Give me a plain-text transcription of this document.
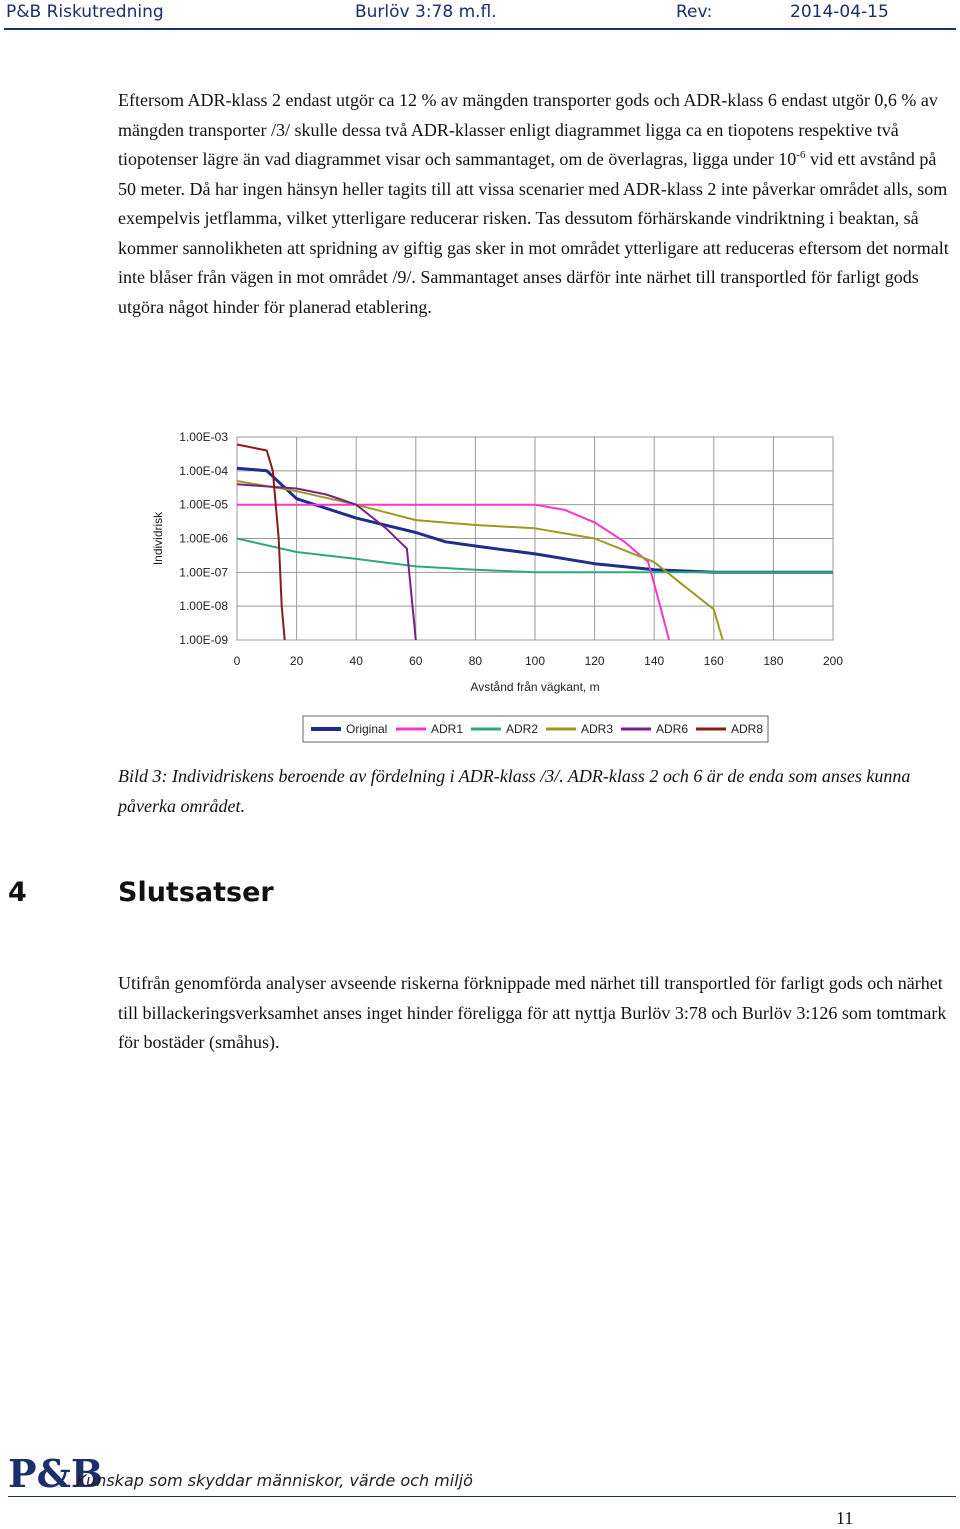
P&B Riskutredning	Burlöv 3:78 m.fl.	Rev:	2014-04-15

Eftersom ADR-klass 2 endast utgör ca 12 % av mängden transporter gods och ADR-klass 6 endast utgör 0,6 % av mängden transporter /3/ skulle dessa två ADR-klasser enligt diagrammet ligga ca en tiopotens respektive två tiopotenser lägre än vad diagrammet visar och sammantaget, om de överlagras, ligga under $10^{-6}$ vid ett avstånd på 50 meter. Då har ingen hänsyn heller tagits till att vissa scenarier med ADR-klass 2 inte påverkar området alls, som exempelvis jetflamma, vilket ytterligare reducerar risken. Tas dessutom förhärskande vindriktning i beaktan, så kommer sannolikheten att spridning av giftig gas sker in mot området ytterligare att reduceras eftersom det normalt inte blåser från vägen in mot området /9/. Sammantaget anses därför inte närhet till transportled för farligt gods utgöra något hinder för planerad etablering.

1.00E-03
1.00E-04
1.00E-05
1.00E-06
1.00E-07
1.00E-08
1.00E-09
0	20	40	60	80	100	120	140	160	180	200
Avstånd från vägkant, m
Individrisk
Original	ADR1	ADR2	ADR3	ADR6	ADR8

Bild 3: Individriskens beroende av fördelning i ADR-klass /3/. ADR-klass 2 och 6 är de enda som anses kunna påverka området.

4	Slutsatser

Utifrån genomförda analyser avseende riskerna förknippade med närhet till transportled för farligt gods och närhet till billackeringsverksamhet anses inget hinder föreligga för att nyttja Burlöv 3:78 och Burlöv 3:126 som tomtmark för bostäder (småhus).

P&B
Kunskap som skyddar människor, värde och miljö
11
